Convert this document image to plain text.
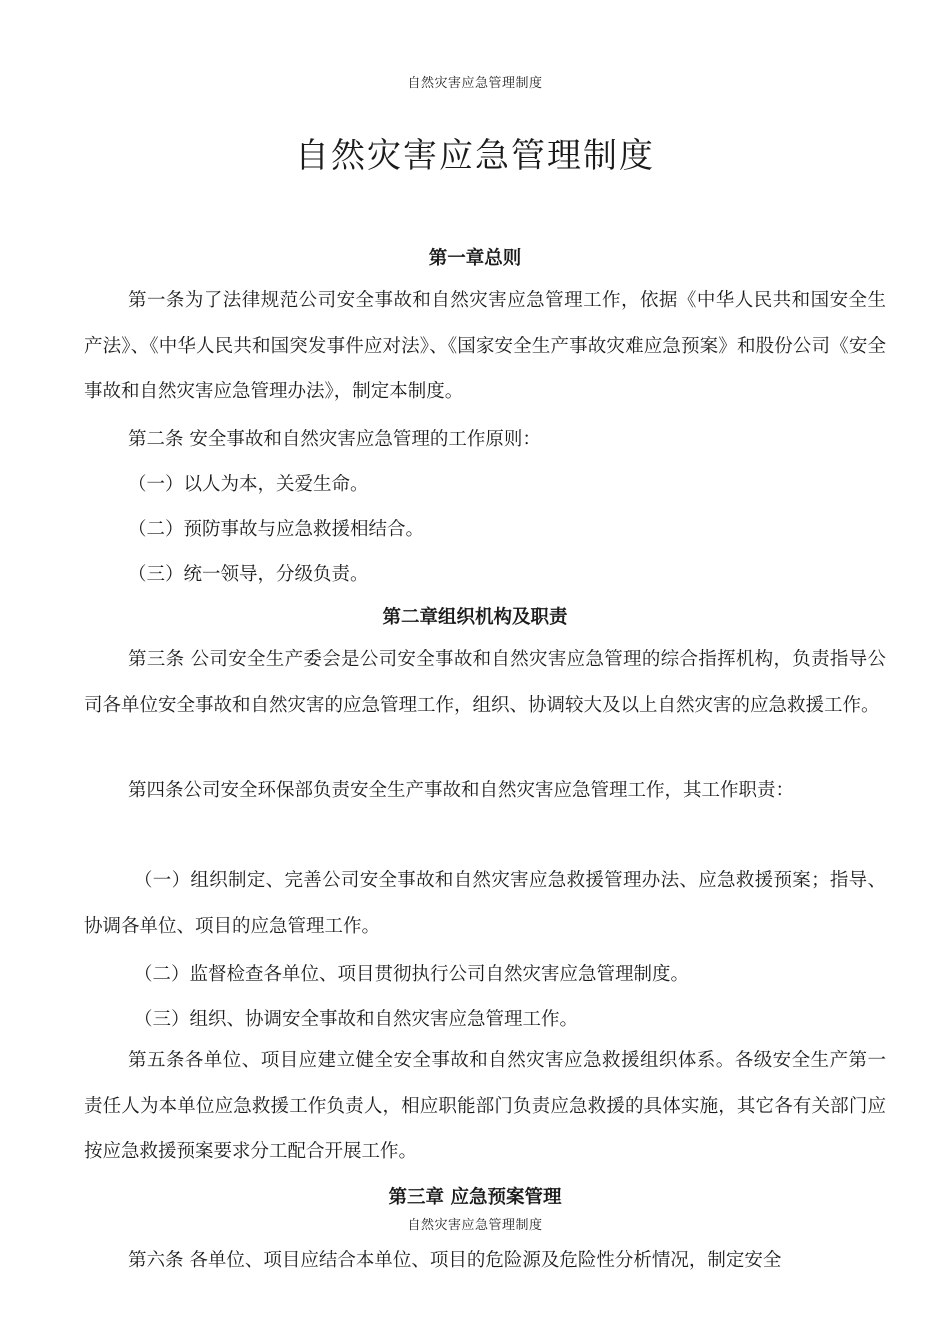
自然灾害应急管理制度
自然灾害应急管理制度
第一章总则

第一条为了法律规范公司安全事故和自然灾害应急管理工作，依据《中华人民共和国安全生产法》、《中华人民共和国突发事件应对法》、《国家安全生产事故灾难应急预案》和股份公司《安全事故和自然灾害应急管理办法》，制定本制度。

第二条 安全事故和自然灾害应急管理的工作原则：

（一）以人为本，关爱生命。

（二）预防事故与应急救援相结合。

（三）统一领导，分级负责。

第二章组织机构及职责

第三条 公司安全生产委会是公司安全事故和自然灾害应急管理的综合指挥机构，负责指导公司各单位安全事故和自然灾害的应急管理工作，组织、协调较大及以上自然灾害的应急救援工作。

第四条公司安全环保部负责安全生产事故和自然灾害应急管理工作，其工作职责：

（一）组织制定、完善公司安全事故和自然灾害应急救援管理办法、应急救援预案；指导、协调各单位、项目的应急管理工作。

（二）监督检查各单位、项目贯彻执行公司自然灾害应急管理制度。

（三）组织、协调安全事故和自然灾害应急管理工作。

第五条各单位、项目应建立健全安全事故和自然灾害应急救援组织体系。各级安全生产第一责任人为本单位应急救援工作负责人，相应职能部门负责应急救援的具体实施，其它各有关部门应按应急救援预案要求分工配合开展工作。

第三章 应急预案管理
自然灾害应急管理制度

第六条 各单位、项目应结合本单位、项目的危险源及危险性分析情况，制定安全
